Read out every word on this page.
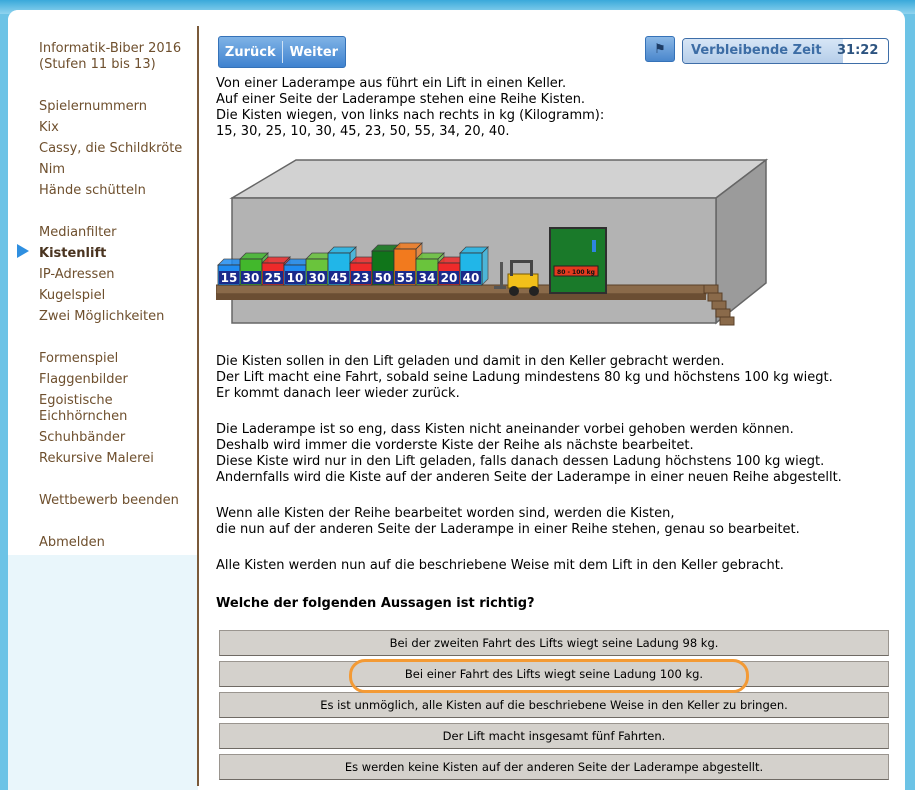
Informatik-Biber 2016 (Stufen 11 bis 13)
Spielernummern
Kix
Cassy, die Schildkröte
Nim
Hände schütteln
Medianfilter
Kistenlift
IP-Adressen
Kugelspiel
Zwei Möglichkeiten
Formenspiel
Flaggenbilder
Egoistische Eichhörnchen
Schuhbänder
Rekursive Malerei
Wettbewerb beenden
Abmelden
Zurück	Weiter	⚑ Verbleibende Zeit 31:22
Von einer Laderampe aus führt ein Lift in einen Keller.
Auf einer Seite der Laderampe stehen eine Reihe Kisten.
Die Kisten wiegen, von links nach rechts in kg (Kilogramm):
15, 30, 25, 10, 30, 45, 23, 50, 55, 34, 20, 40.
80 - 100 kg
15 30 25 10 30 45 23 50 55 34 20 40
Die Kisten sollen in den Lift geladen und damit in den Keller gebracht werden.
Der Lift macht eine Fahrt, sobald seine Ladung mindestens 80 kg und höchstens 100 kg wiegt.
Er kommt danach leer wieder zurück.
Die Laderampe ist so eng, dass Kisten nicht aneinander vorbei gehoben werden können.
Deshalb wird immer die vorderste Kiste der Reihe als nächste bearbeitet.
Diese Kiste wird nur in den Lift geladen, falls danach dessen Ladung höchstens 100 kg wiegt.
Andernfalls wird die Kiste auf der anderen Seite der Laderampe in einer neuen Reihe abgestellt.
Wenn alle Kisten der Reihe bearbeitet worden sind, werden die Kisten,
die nun auf der anderen Seite der Laderampe in einer Reihe stehen, genau so bearbeitet.
Alle Kisten werden nun auf die beschriebene Weise mit dem Lift in den Keller gebracht.
Welche der folgenden Aussagen ist richtig?
Bei der zweiten Fahrt des Lifts wiegt seine Ladung 98 kg.
Bei einer Fahrt des Lifts wiegt seine Ladung 100 kg.
Es ist unmöglich, alle Kisten auf die beschriebene Weise in den Keller zu bringen.
Der Lift macht insgesamt fünf Fahrten.
Es werden keine Kisten auf der anderen Seite der Laderampe abgestellt.
